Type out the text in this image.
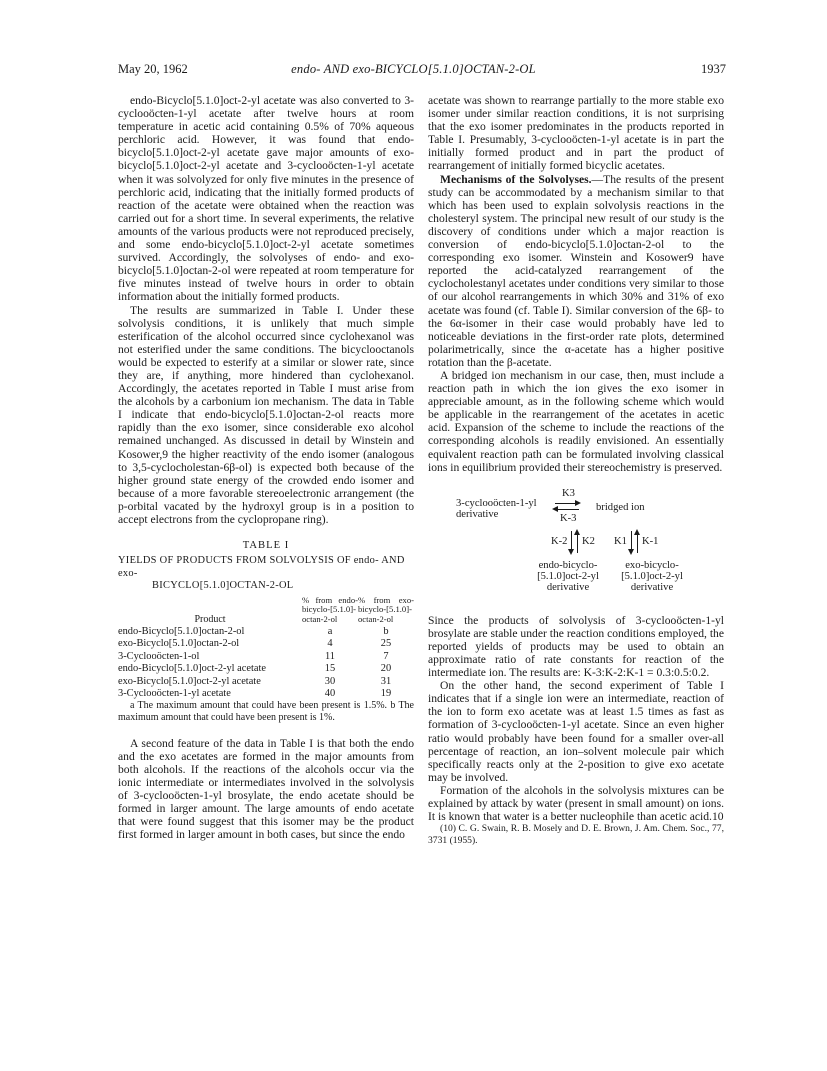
May 20, 1962	endo- AND exo-BICYCLO[5.1.0]OCTAN-2-OL	1937

endo-Bicyclo[5.1.0]oct-2-yl acetate was also converted to 3-cyclooöcten-1-yl acetate after twelve hours at room temperature in acetic acid containing 0.5% of 70% aqueous perchloric acid. However, it was found that endo-bicyclo[5.1.0]oct-2-yl acetate gave major amounts of exo-bicyclo[5.1.0]oct-2-yl acetate and 3-cyclooöcten-1-yl acetate when it was solvolyzed for only five minutes in the presence of perchloric acid, indicating that the initially formed products of reaction of the acetate were obtained when the reaction was carried out for a short time. In several experiments, the relative amounts of the various products were not reproduced precisely, and some endo-bicyclo[5.1.0]oct-2-yl acetate sometimes survived. Accordingly, the solvolyses of endo- and exo-bicyclo[5.1.0]octan-2-ol were repeated at room temperature for five minutes instead of twelve hours in order to obtain information about the initially formed products.

The results are summarized in Table I. Under these solvolysis conditions, it is unlikely that much simple esterification of the alcohol occurred since cyclohexanol was not esterified under the same conditions. The bicyclooctanols would be expected to esterify at a similar or slower rate, since they are, if anything, more hindered than cyclohexanol. Accordingly, the acetates reported in Table I must arise from the alcohols by a carbonium ion mechanism. The data in Table I indicate that endo-bicyclo[5.1.0]octan-2-ol reacts more rapidly than the exo isomer, since considerable exo alcohol remained unchanged. As discussed in detail by Winstein and Kosower,9 the higher reactivity of the endo isomer (analogous to 3,5-cyclocholestan-6β-ol) is expected both because of the higher ground state energy of the crowded endo isomer and because of a more favorable stereoelectronic arrangement (the p-orbital vacated by the hydroxyl group is in a position to accept electrons from the cyclopropane ring).

TABLE I
YIELDS OF PRODUCTS FROM SOLVOLYSIS OF endo- AND exo-
BICYCLO[5.1.0]OCTAN-2-OL
Product	% from endo-bicyclo-[5.1.0]-octan-2-ol	% from exo-bicyclo-[5.1.0]-octan-2-ol
endo-Bicyclo[5.1.0]octan-2-ol	a	b
exo-Bicyclo[5.1.0]octan-2-ol	4	25
3-Cyclooöcten-1-ol	11	7
endo-Bicyclo[5.1.0]oct-2-yl acetate	15	20
exo-Bicyclo[5.1.0]oct-2-yl acetate	30	31
3-Cyclooöcten-1-yl acetate	40	19

a The maximum amount that could have been present is 1.5%. b The maximum amount that could have been present is 1%.

A second feature of the data in Table I is that both the endo and the exo acetates are formed in the major amounts from both alcohols. If the reactions of the alcohols occur via the ionic intermediate or intermediates involved in the solvolysis of 3-cyclooöcten-1-yl brosylate, the endo acetate should be formed in larger amount. The large amounts of endo acetate that were found suggest that this isomer may be the product first formed in larger amount in both cases, but since the endo

acetate was shown to rearrange partially to the more stable exo isomer under similar reaction conditions, it is not surprising that the exo isomer predominates in the products reported in Table I. Presumably, 3-cyclooöcten-1-yl acetate is in part the initially formed product and in part the product of rearrangement of initially formed bicyclic acetates.

Mechanisms of the Solvolyses.—The results of the present study can be accommodated by a mechanism similar to that which has been used to explain solvolysis reactions in the cholesteryl system. The principal new result of our study is the discovery of conditions under which a major reaction is conversion of endo-bicyclo[5.1.0]octan-2-ol to the corresponding exo isomer. Winstein and Kosower9 have reported the acid-catalyzed rearrangement of the cyclocholestanyl acetates under conditions very similar to those of our alcohol rearrangements in which 30% and 31% of exo acetate was found (cf. Table I). Similar conversion of the 6β- to the 6α-isomer in their case would probably have led to noticeable deviations in the first-order rate plots, determined polarimetrically, since the α-acetate has a higher positive rotation than the β-acetate.

A bridged ion mechanism in our case, then, must include a reaction path in which the ion gives the exo isomer in appreciable amount, as in the following scheme which would be applicable in the rearrangement of the acetates in acetic acid. Expansion of the scheme to include the reactions of the corresponding alcohols is readily envisioned. An essentially equivalent reaction path can be formulated involving classical ions in equilibrium provided their stereochemistry is preserved.

3-cyclooöcten-1-yl
derivative
K3
K-3
bridged ion
K-2 K2 K1 K-1
endo-bicyclo-
[5.1.0]oct-2-yl
derivative
exo-bicyclo-
[5.1.0]oct-2-yl
derivative

Since the products of solvolysis of 3-cyclooöcten-1-yl brosylate are stable under the reaction conditions employed, the reported yields of products may be used to obtain an approximate ratio of rate constants for reaction of the intermediate ion. The results are: K-3:K-2:K-1 = 0.3:0.5:0.2.

On the other hand, the second experiment of Table I indicates that if a single ion were an intermediate, reaction of the ion to form exo acetate was at least 1.5 times as fast as formation of 3-cyclooöcten-1-yl acetate. Since an even higher ratio would probably have been found for a smaller over-all percentage of reaction, an ion–solvent molecule pair which specifically reacts only at the 2-position to give exo acetate may be involved.

Formation of the alcohols in the solvolysis mixtures can be explained by attack by water (present in small amount) on ions. It is known that water is a better nucleophile than acetic acid.10

(10) C. G. Swain, R. B. Mosely and D. E. Brown, J. Am. Chem. Soc., 77, 3731 (1955).
